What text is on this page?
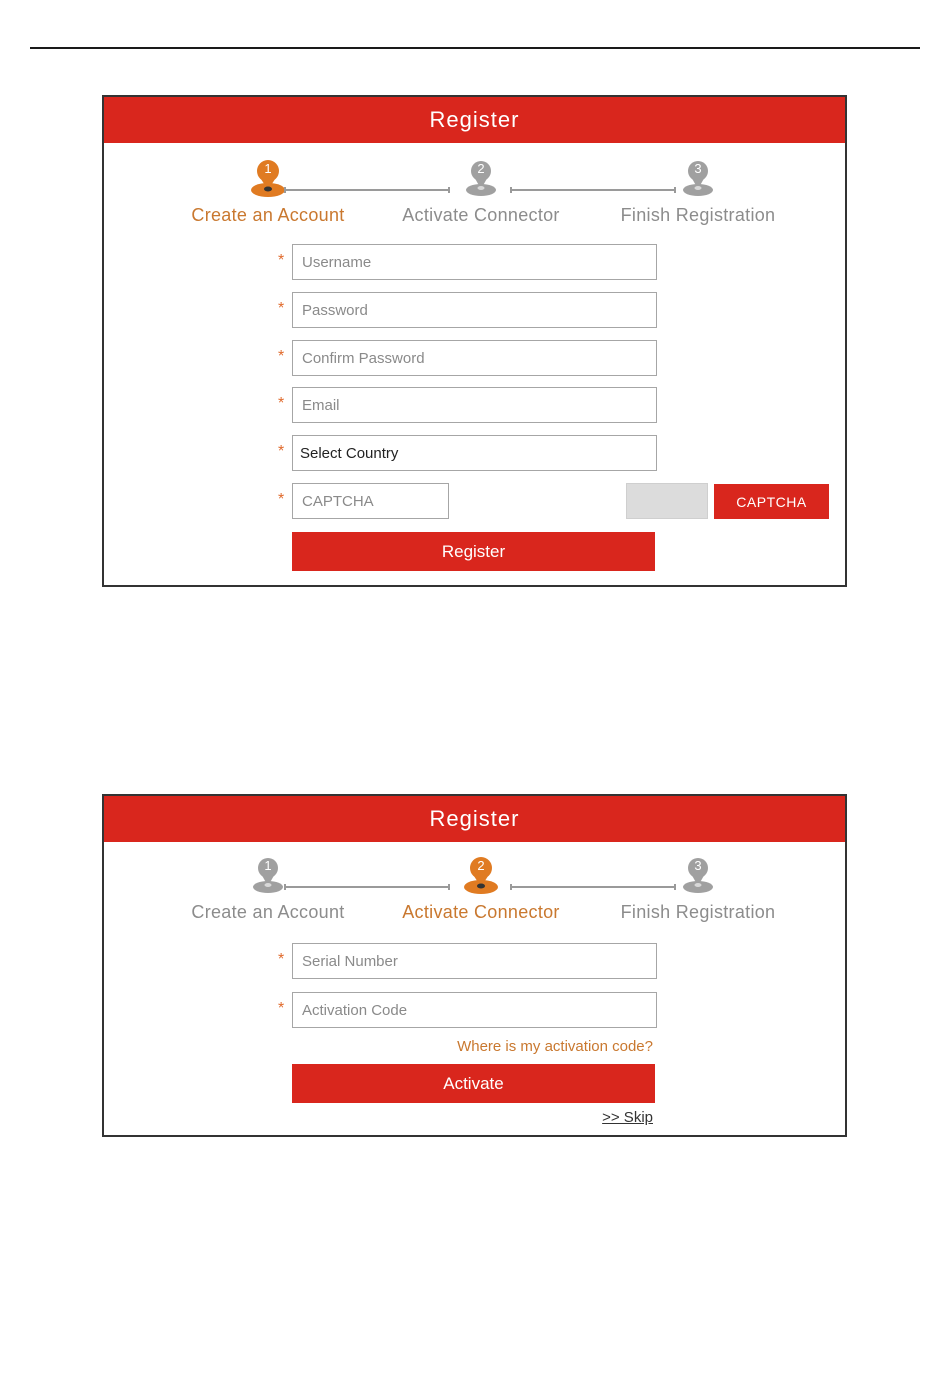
Register
1
Create an Account
2
Activate Connector
3
Finish Registration
*
Username
*
*
*
Email
*	Select Country
*
CAPTCHA	CAPTCHA
Register
Register
1
Create an Account
2
Activate Connector
3
Finish Registration
*
Serial Number
*
Activation Code
Where is my activation code?
Activate
>> Skip
